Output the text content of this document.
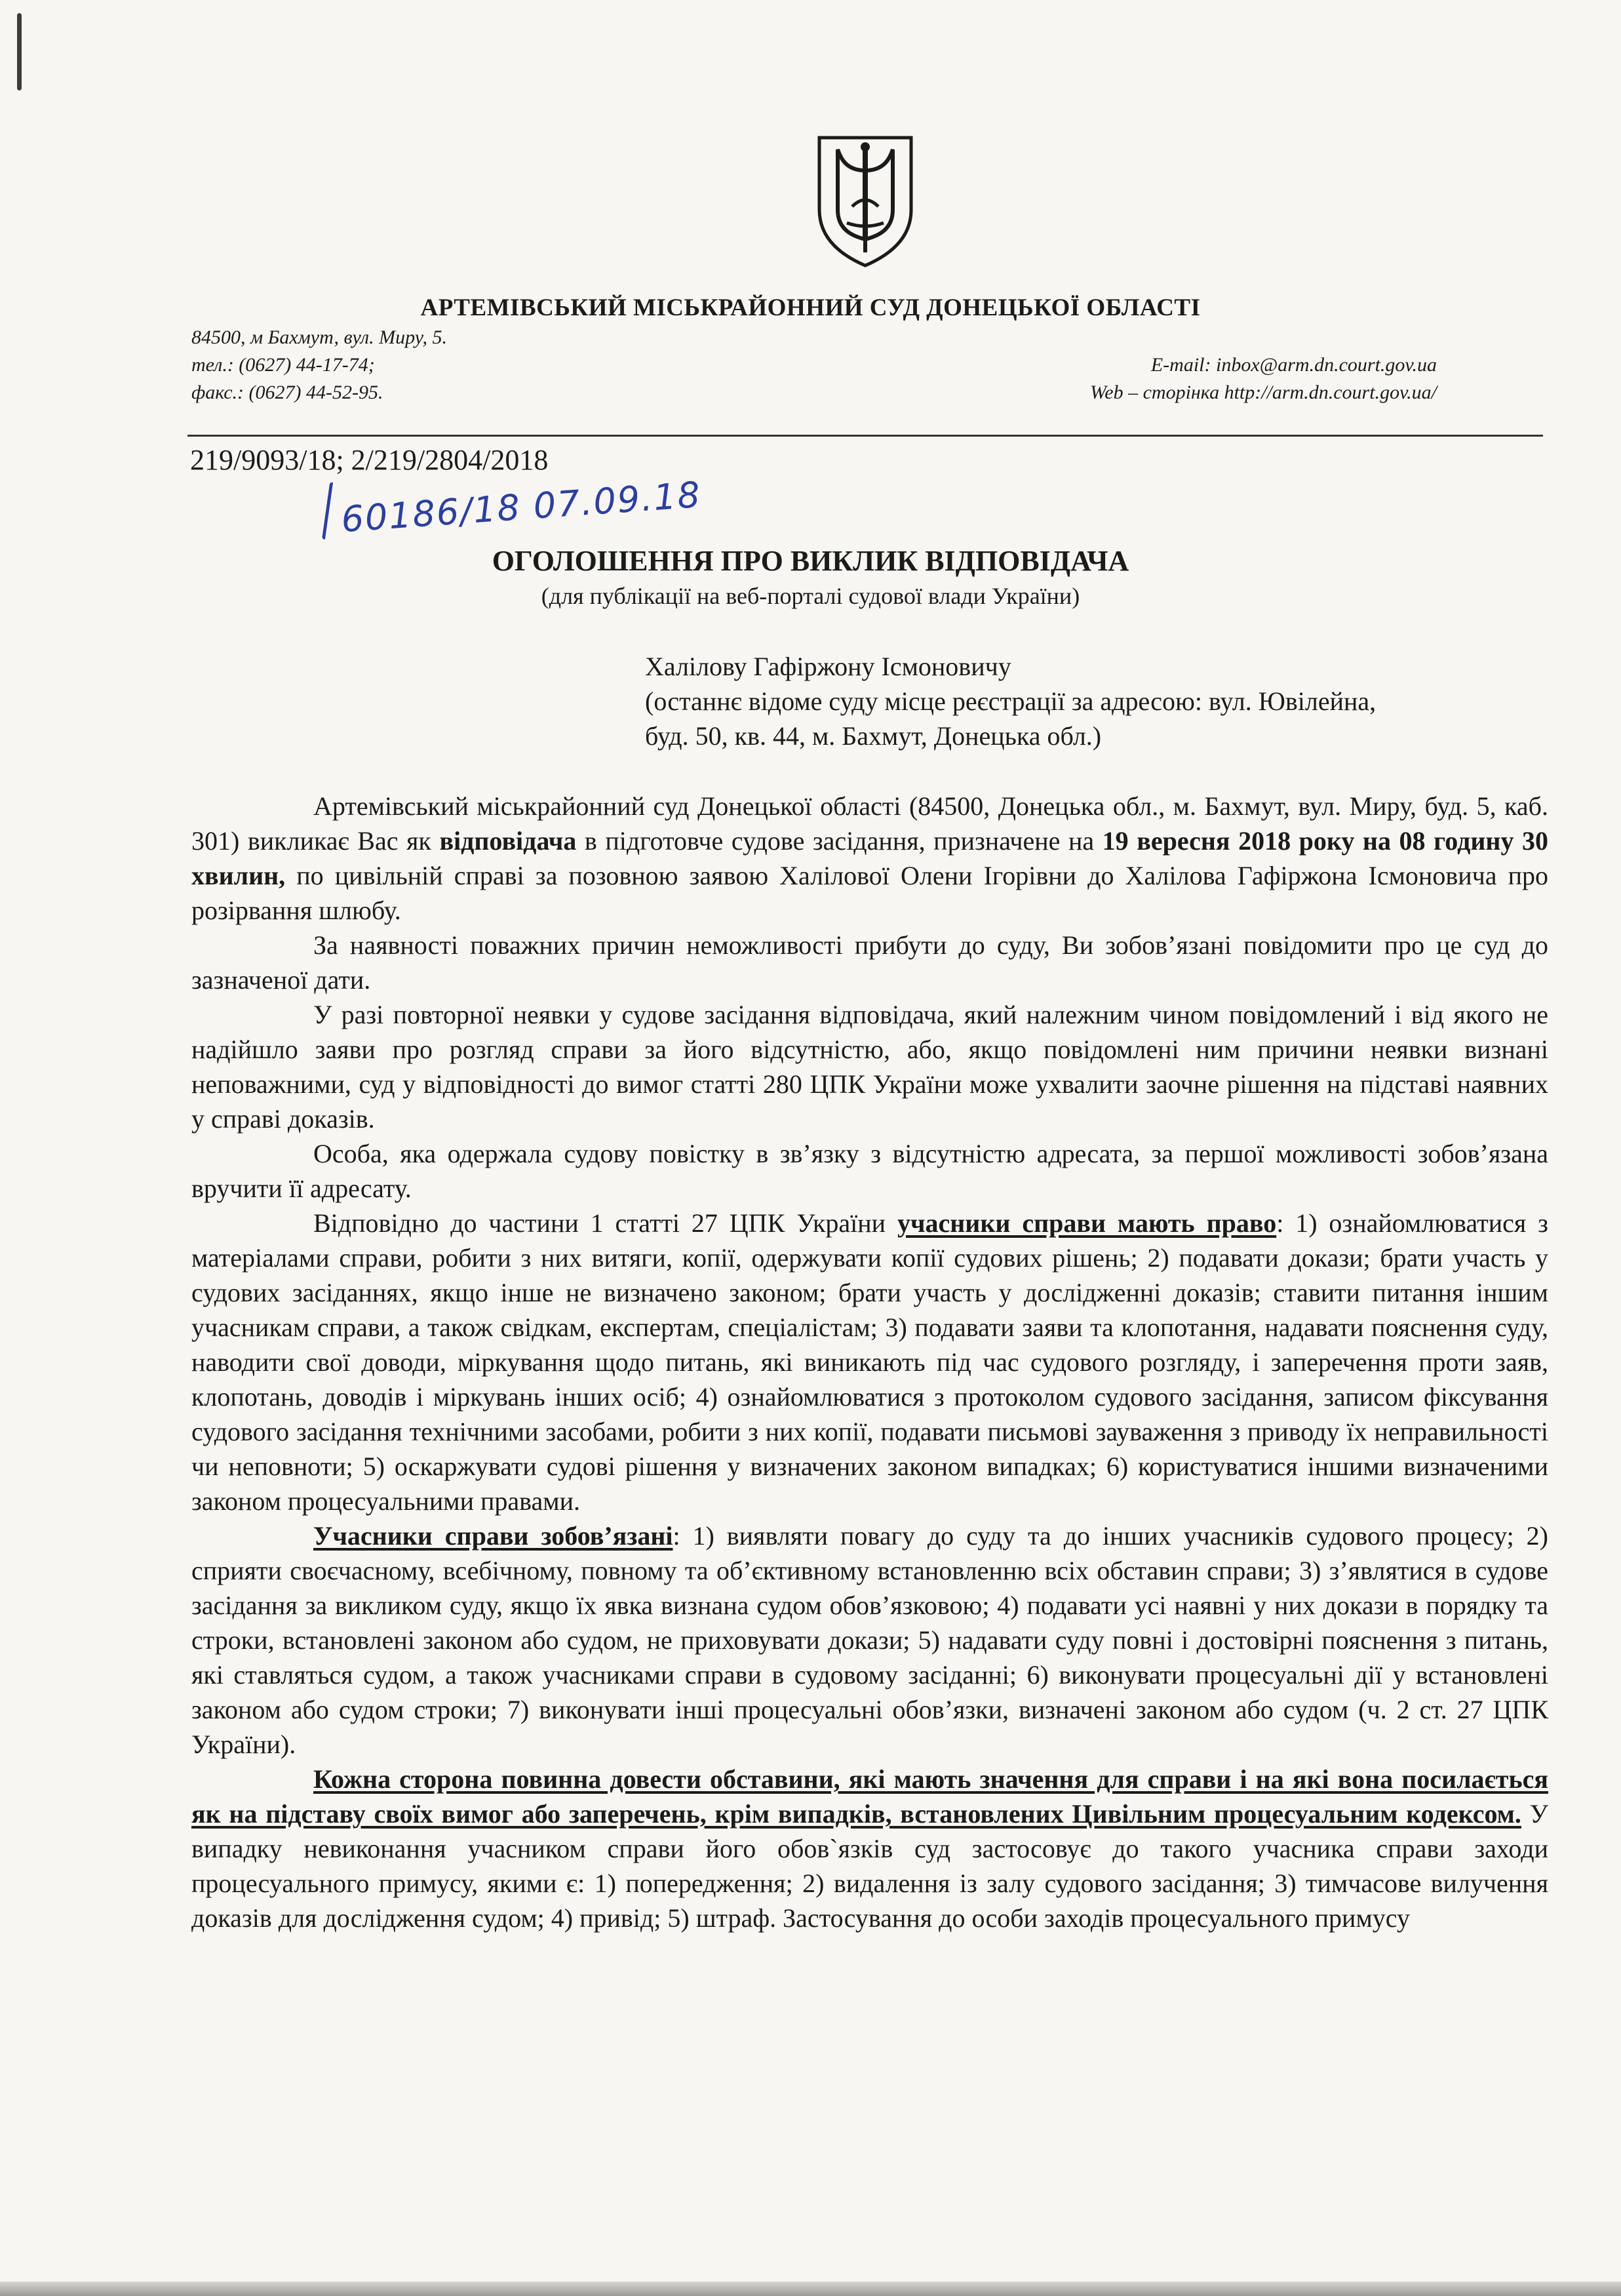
АРТЕМІВСЬКИЙ МІСЬКРАЙОННИЙ СУД ДОНЕЦЬКОЇ ОБЛАСТІ
84500, м Бахмут, вул. Миру, 5.
тел.: (0627) 44-17-74;
факс.: (0627) 44-52-95.
E-mail: inbox@arm.dn.court.gov.ua
Web – сторінка http://arm.dn.court.gov.ua/
219/9093/18; 2/219/2804/2018
60186/18 07.09.18
ОГОЛОШЕННЯ ПРО ВИКЛИК ВІДПОВІДАЧА
(для публікації на веб-порталі судової влади України)
Халілову Гафіржону Ісмоновичу
(останнє відоме суду місце реєстрації за адресою: вул. Ювілейна,
буд. 50, кв. 44, м. Бахмут, Донецька обл.)

Артемівський міськрайонний суд Донецької області (84500, Донецька обл., м. Бахмут, вул. Миру, буд. 5, каб. 301) викликає Вас як відповідача в підготовче судове засідання, призначене на 19 вересня 2018 року на 08 годину 30 хвилин, по цивільній справі за позовною заявою Халілової Олени Ігорівни до Халілова Гафіржона Ісмоновича про розірвання шлюбу.

За наявності поважних причин неможливості прибути до суду, Ви зобов’язані повідомити про це суд до зазначеної дати.

У разі повторної неявки у судове засідання відповідача, який належним чином повідомлений і від якого не надійшло заяви про розгляд справи за його відсутністю, або, якщо повідомлені ним причини неявки визнані неповажними, суд у відповідності до вимог статті 280 ЦПК України може ухвалити заочне рішення на підставі наявних у справі доказів.

Особа, яка одержала судову повістку в зв’язку з відсутністю адресата, за першої можливості зобов’язана вручити її адресату.

Відповідно до частини 1 статті 27 ЦПК України учасники справи мають право: 1) ознайомлюватися з матеріалами справи, робити з них витяги, копії, одержувати копії судових рішень; 2) подавати докази; брати участь у судових засіданнях, якщо інше не визначено законом; брати участь у дослідженні доказів; ставити питання іншим учасникам справи, а також свідкам, експертам, спеціалістам; 3) подавати заяви та клопотання, надавати пояснення суду, наводити свої доводи, міркування щодо питань, які виникають під час судового розгляду, і заперечення проти заяв, клопотань, доводів і міркувань інших осіб; 4) ознайомлюватися з протоколом судового засідання, записом фіксування судового засідання технічними засобами, робити з них копії, подавати письмові зауваження з приводу їх неправильності чи неповноти; 5) оскаржувати судові рішення у визначених законом випадках; 6) користуватися іншими визначеними законом процесуальними правами.

Учасники справи зобов’язані: 1) виявляти повагу до суду та до інших учасників судового процесу; 2) сприяти своєчасному, всебічному, повному та об’єктивному встановленню всіх обставин справи; 3) з’являтися в судове засідання за викликом суду, якщо їх явка визнана судом обов’язковою; 4) подавати усі наявні у них докази в порядку та строки, встановлені законом або судом, не приховувати докази; 5) надавати суду повні і достовірні пояснення з питань, які ставляться судом, а також учасниками справи в судовому засіданні; 6) виконувати процесуальні дії у встановлені законом або судом строки; 7) виконувати інші процесуальні обов’язки, визначені законом або судом (ч. 2 ст. 27 ЦПК України).

Кожна сторона повинна довести обставини, які мають значення для справи і на які вона посилається як на підставу своїх вимог або заперечень, крім випадків, встановлених Цивільним процесуальним кодексом. У випадку невиконання учасником справи його обов`язків суд застосовує до такого учасника справи заходи процесуального примусу, якими є: 1) попередження; 2) видалення із залу судового засідання; 3) тимчасове вилучення доказів для дослідження судом; 4) привід; 5) штраф. Застосування до особи заходів процесуального примусу
